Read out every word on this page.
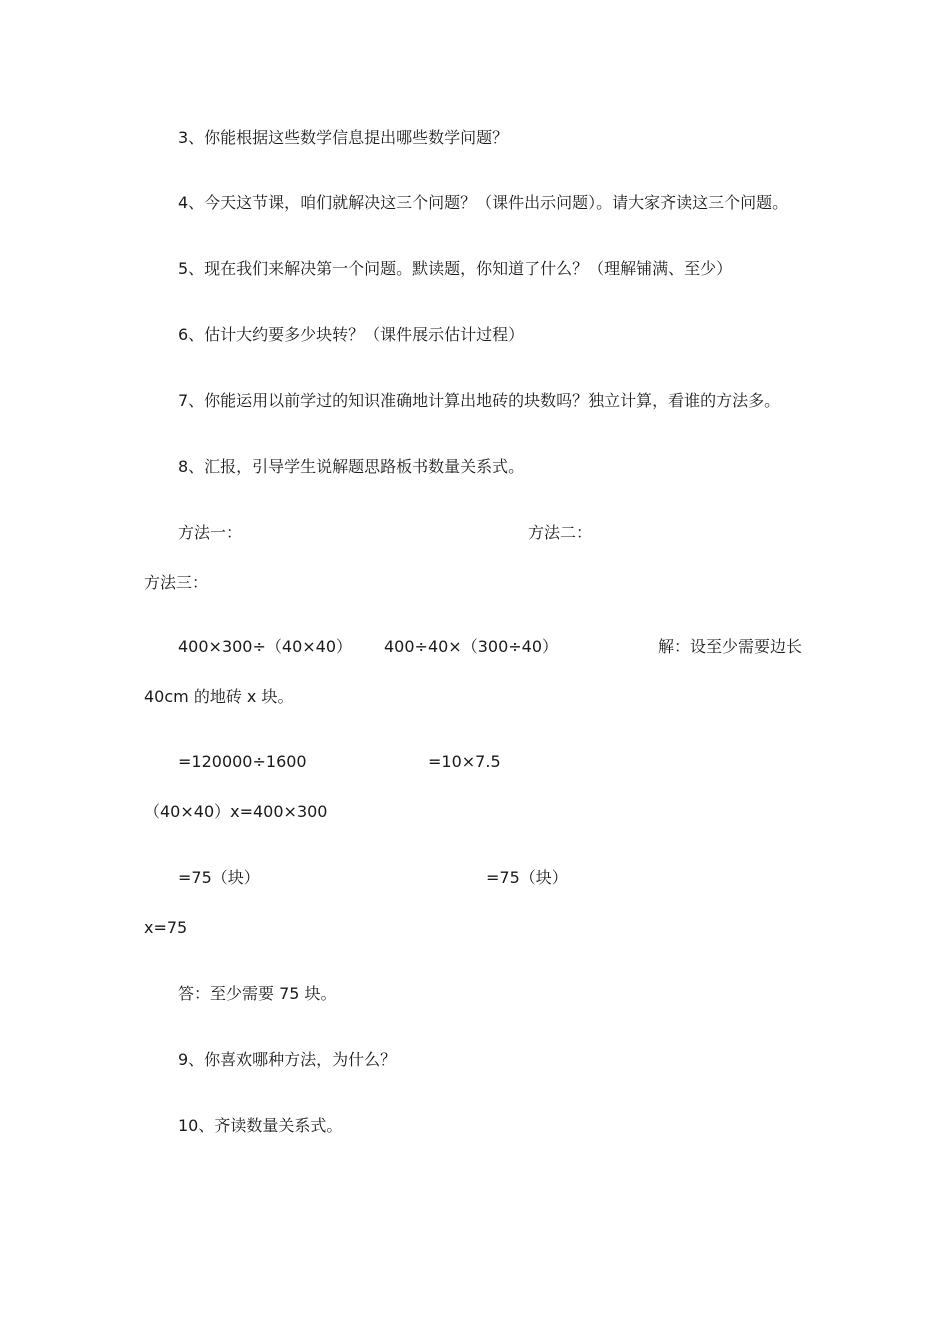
3、你能根据这些数学信息提出哪些数学问题？
4、今天这节课，咱们就解决这三个问题？（课件出示问题）。请大家齐读这三个问题。
5、现在我们来解决第一个问题。默读题，你知道了什么？（理解铺满、至少）
6、估计大约要多少块转？（课件展示估计过程）
7、你能运用以前学过的知识准确地计算出地砖的块数吗？独立计算，看谁的方法多。
8、汇报，引导学生说解题思路板书数量关系式。
方法一：	方法二：
方法三：
400×300÷（40×40） 400÷40×（300÷40）	解：设至少需要边长
40cm 的地砖 x 块。
=120000÷1600	=10×7.5
（40×40）x=400×300
=75（块）	=75（块）
x=75
答：至少需要 75 块。
9、你喜欢哪种方法，为什么？
10、齐读数量关系式。
